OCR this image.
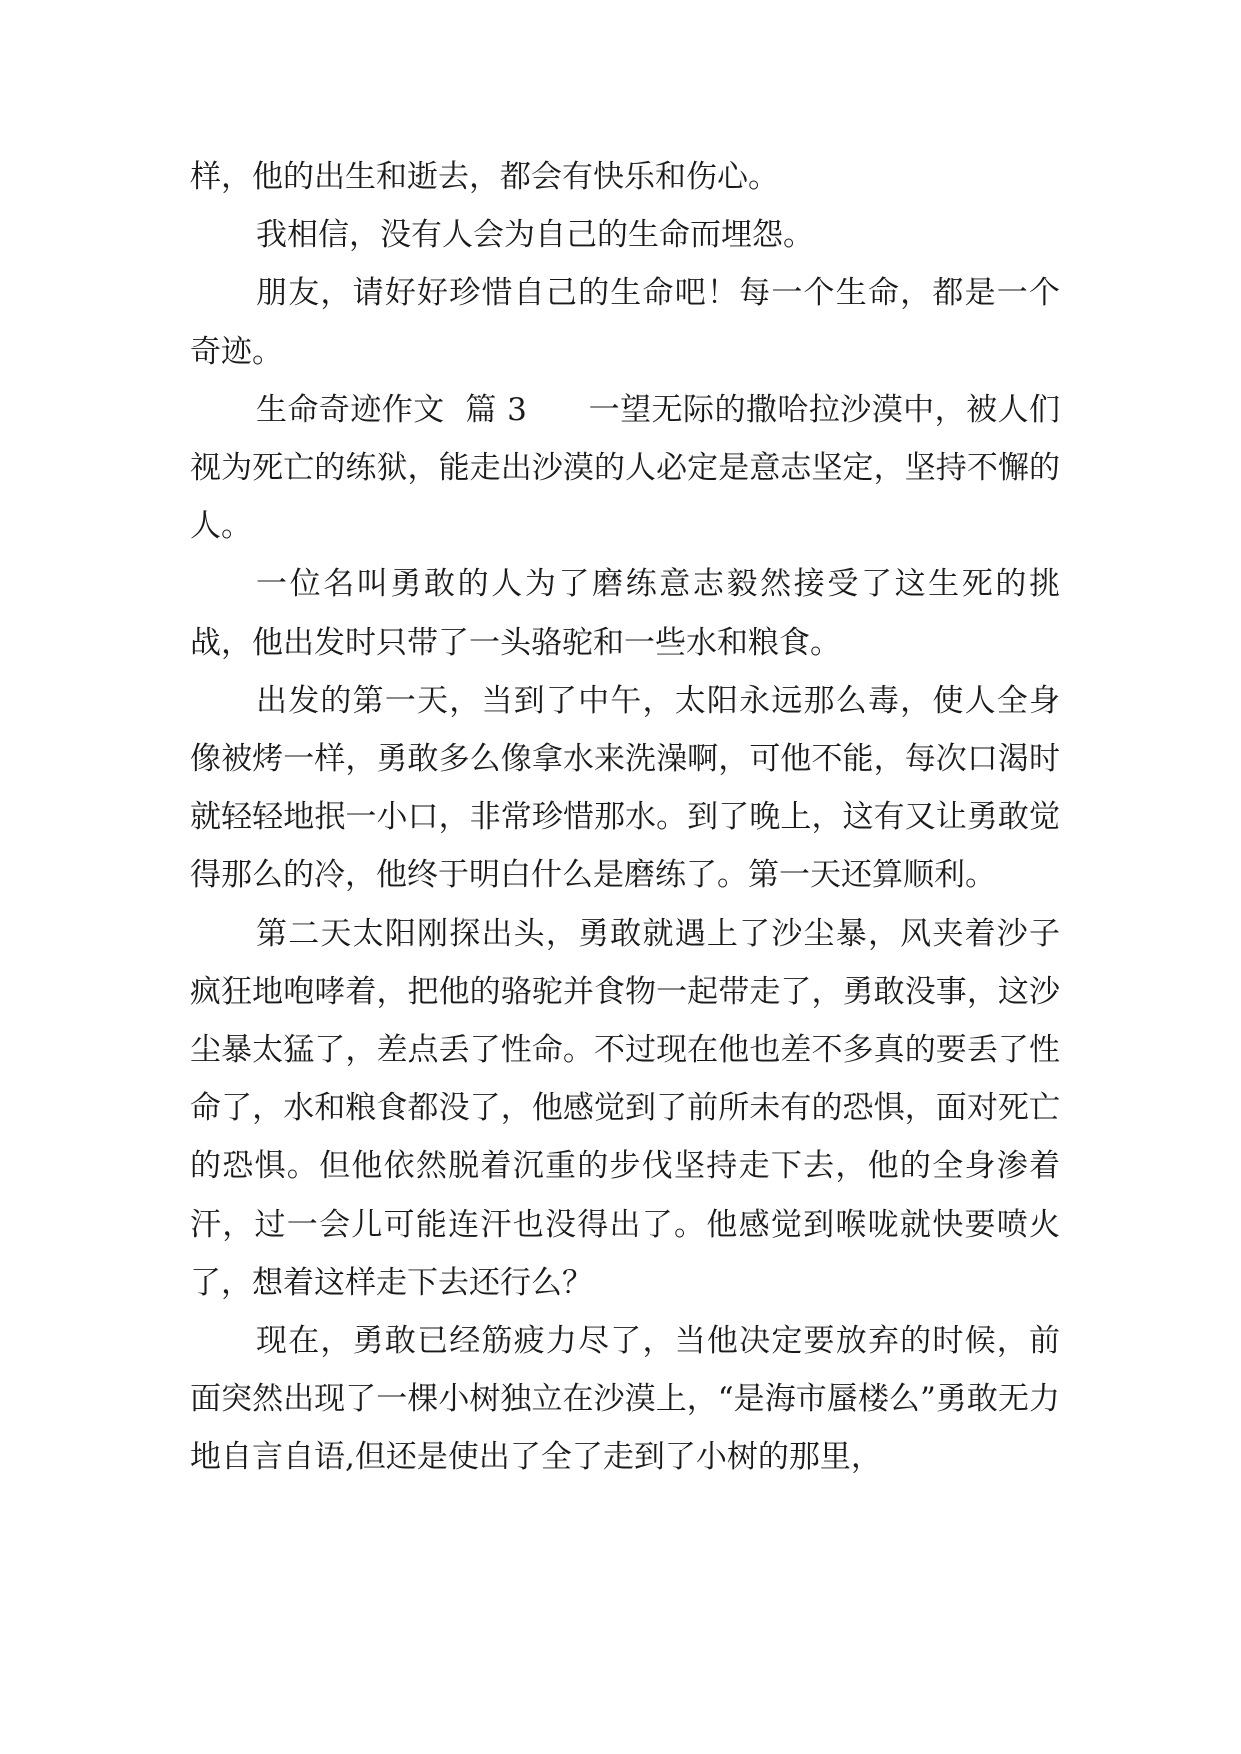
样，他的出生和逝去，都会有快乐和伤心。

我相信，没有人会为自己的生命而埋怨。

朋友，请好好珍惜自己的生命吧！每一个生命，都是一个奇迹。

生命奇迹作文  篇 3      一望无际的撒哈拉沙漠中，被人们视为死亡的练狱，能走出沙漠的人必定是意志坚定，坚持不懈的人。

一位名叫勇敢的人为了磨练意志毅然接受了这生死的挑战，他出发时只带了一头骆驼和一些水和粮食。

出发的第一天，当到了中午，太阳永远那么毒，使人全身像被烤一样，勇敢多么像拿水来洗澡啊，可他不能，每次口渴时就轻轻地抿一小口，非常珍惜那水。到了晚上，这有又让勇敢觉得那么的冷，他终于明白什么是磨练了。第一天还算顺利。

第二天太阳刚探出头，勇敢就遇上了沙尘暴，风夹着沙子疯狂地咆哮着，把他的骆驼并食物一起带走了，勇敢没事，这沙尘暴太猛了，差点丢了性命。不过现在他也差不多真的要丢了性命了，水和粮食都没了，他感觉到了前所未有的恐惧，面对死亡的恐惧。但他依然脱着沉重的步伐坚持走下去，他的全身渗着汗，过一会儿可能连汗也没得出了。他感觉到喉咙就快要喷火了，想着这样走下去还行么？

现在，勇敢已经筋疲力尽了，当他决定要放弃的时候，前面突然出现了一棵小树独立在沙漠上，“是海市蜃楼么”勇敢无力地自言自语,但还是使出了全了走到了小树的那里，
